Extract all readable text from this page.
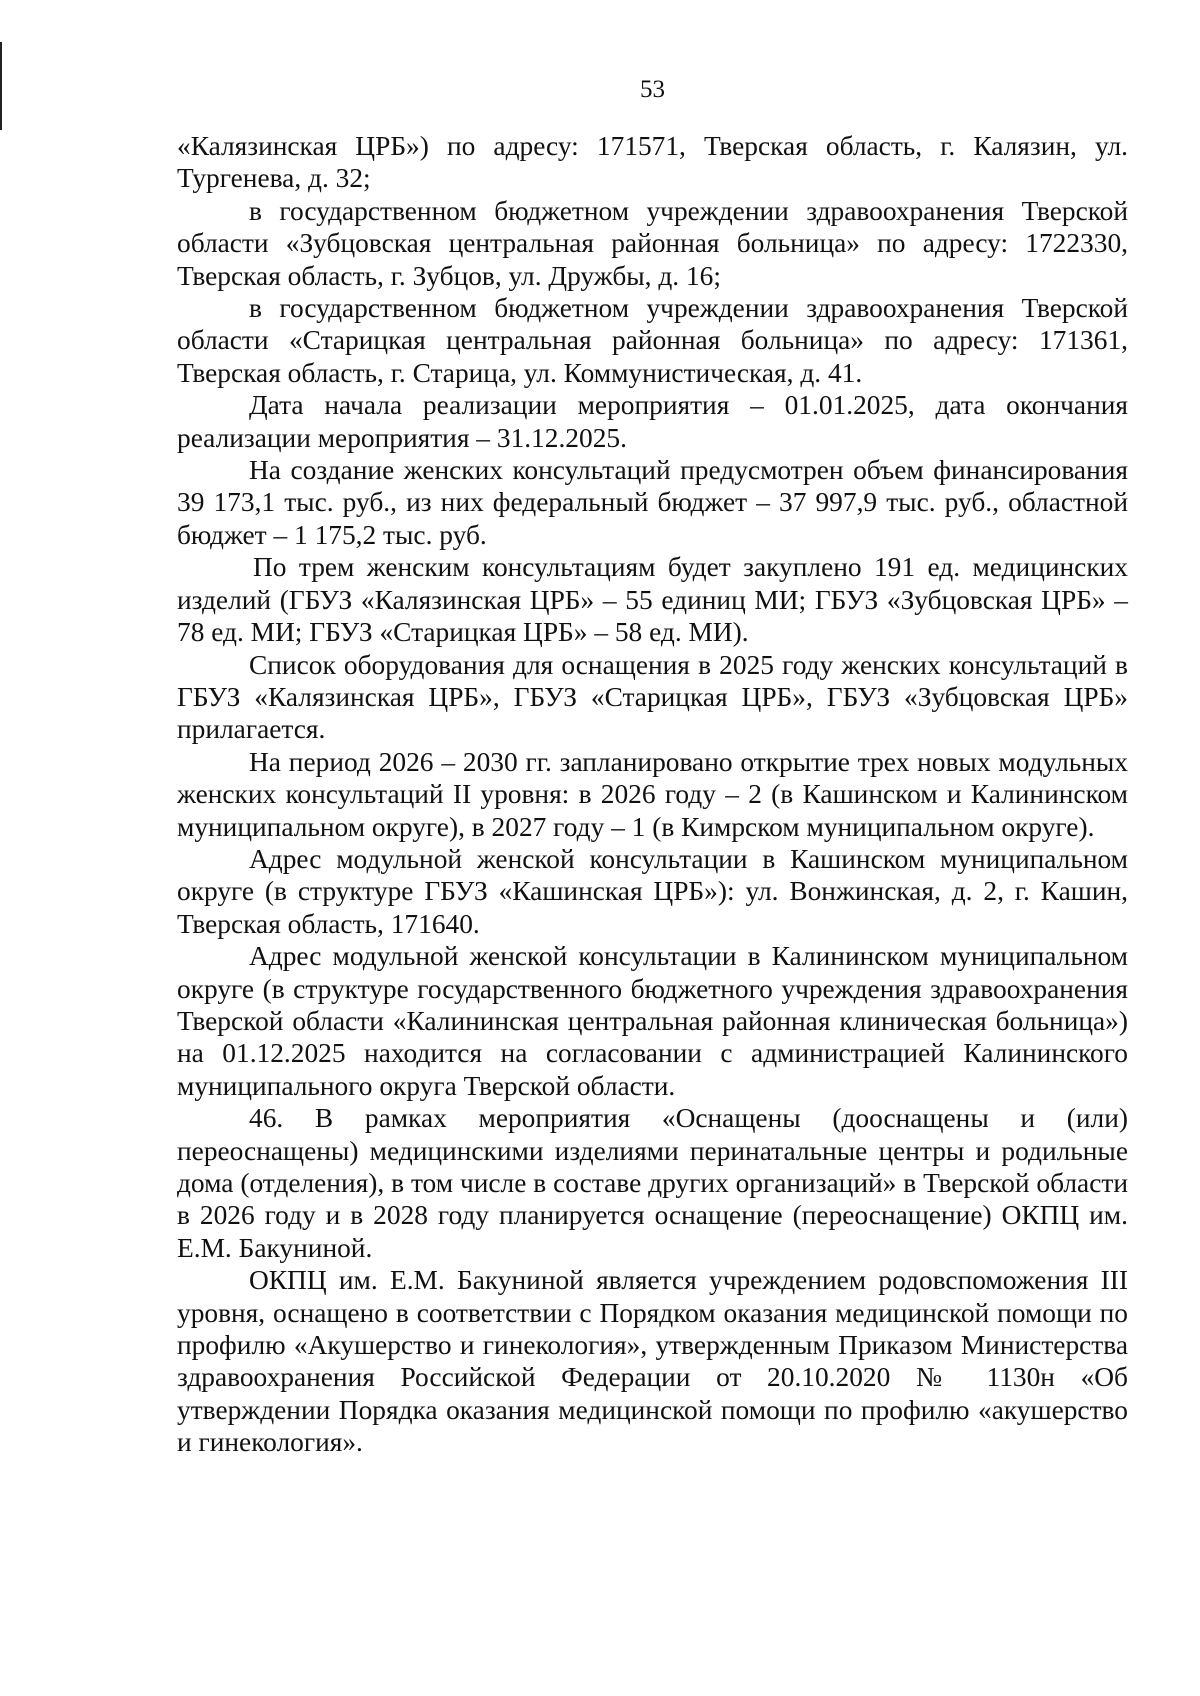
53

«Калязинская ЦРБ») по адресу: 171571, Тверская область, г. Калязин, ул. Тургенева, д. 32;

в государственном бюджетном учреждении здравоохранения Тверской области «Зубцовская центральная районная больница» по адресу: 1722330, Тверская область, г. Зубцов, ул. Дружбы, д. 16;

в государственном бюджетном учреждении здравоохранения Тверской области «Старицкая центральная районная больница» по адресу: 171361, Тверская область, г. Старица, ул. Коммунистическая, д. 41.

Дата начала реализации мероприятия – 01.01.2025, дата окончания реализации мероприятия – 31.12.2025.

На создание женских консультаций предусмотрен объем финансирования 39 173,1 тыс. руб., из них федеральный бюджет – 37 997,9 тыс. руб., областной бюджет – 1 175,2 тыс. руб.

По трем женским консультациям будет закуплено 191 ед. медицинских изделий (ГБУЗ «Калязинская ЦРБ» – 55 единиц МИ; ГБУЗ «Зубцовская ЦРБ» – 78 ед. МИ; ГБУЗ «Старицкая ЦРБ» – 58 ед. МИ).

Список оборудования для оснащения в 2025 году женских консультаций в ГБУЗ «Калязинская ЦРБ», ГБУЗ «Старицкая ЦРБ», ГБУЗ «Зубцовская ЦРБ» прилагается.

На период 2026 – 2030 гг. запланировано открытие трех новых модульных женских консультаций II уровня: в 2026 году – 2 (в Кашинском и Калининском муниципальном округе), в 2027 году – 1 (в Кимрском муниципальном округе).

Адрес модульной женской консультации в Кашинском муниципальном округе (в структуре ГБУЗ «Кашинская ЦРБ»): ул. Вонжинская, д. 2, г. Кашин, Тверская область, 171640.

Адрес модульной женской консультации в Калининском муниципальном округе (в структуре государственного бюджетного учреждения здравоохранения Тверской области «Калининская центральная районная клиническая больница») на 01.12.2025 находится на согласовании с администрацией Калининского муниципального округа Тверской области.

46. В рамках мероприятия «Оснащены (дооснащены и (или) переоснащены) медицинскими изделиями перинатальные центры и родильные дома (отделения), в том числе в составе других организаций» в Тверской области в 2026 году и в 2028 году планируется оснащение (переоснащение) ОКПЦ им. Е.М. Бакуниной.

ОКПЦ им. Е.М. Бакуниной является учреждением родовспоможения III уровня, оснащено в соответствии с Порядком оказания медицинской помощи по профилю «Акушерство и гинекология», утвержденным Приказом Министерства здравоохранения Российской Федерации от 20.10.2020 № 1130н «Об утверждении Порядка оказания медицинской помощи по профилю «акушерство и гинекология».
